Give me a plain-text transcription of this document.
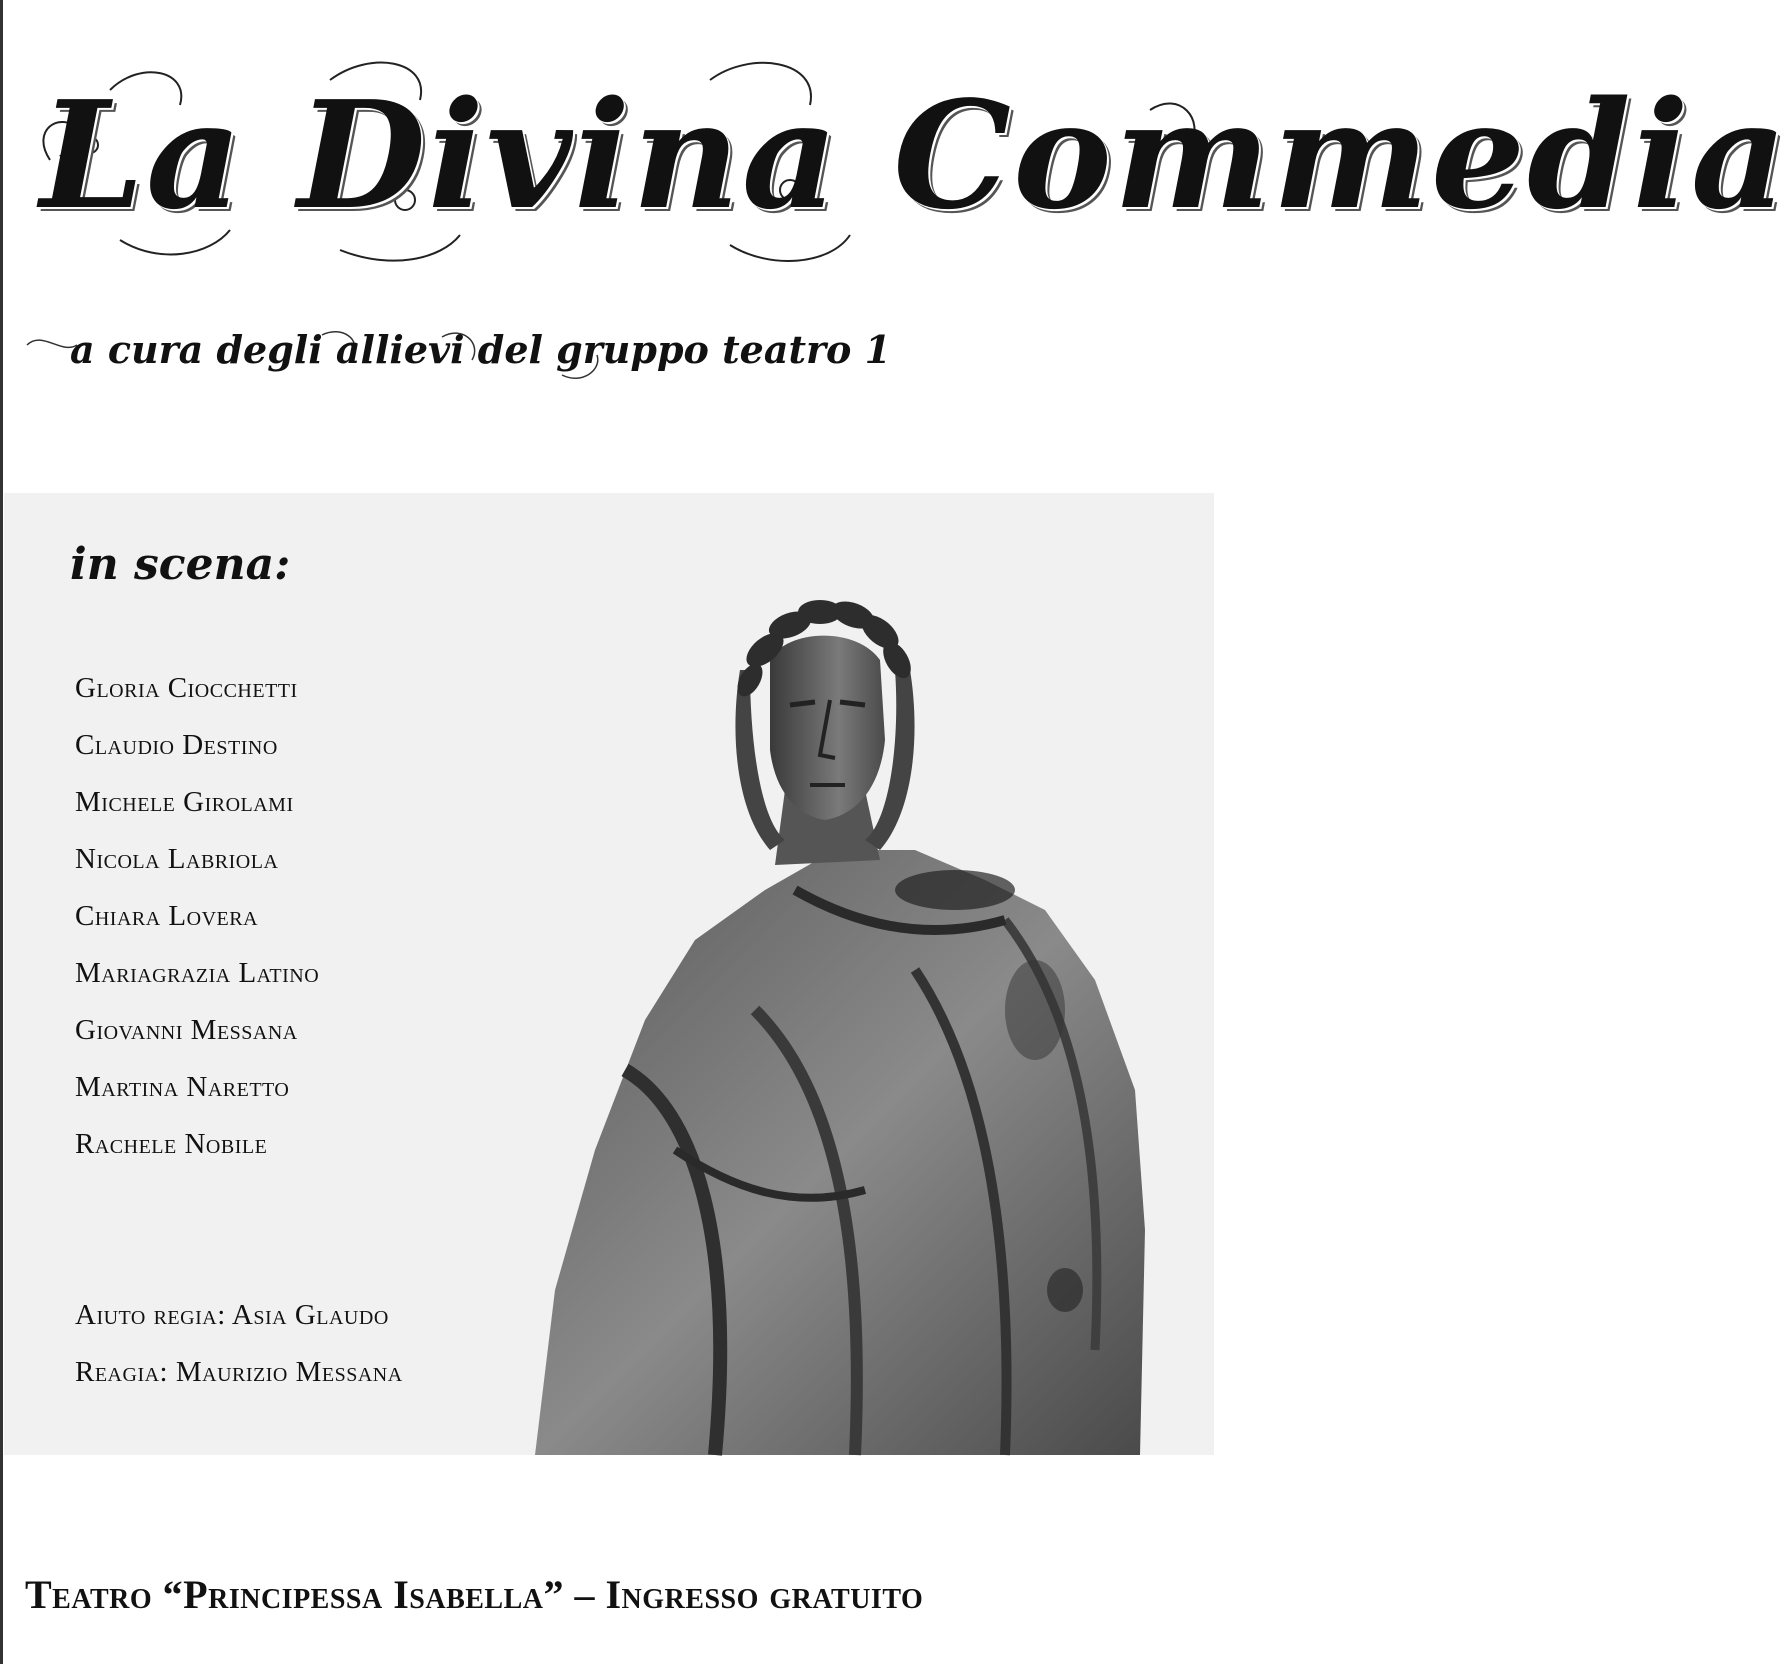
La Divina Commedia
a cura degli allievi del gruppo teatro 1
in scena:
Gloria Ciocchetti
Claudio Destino
Michele Girolami
Nicola Labriola
Chiara Lovera
Mariagrazia Latino
Giovanni Messana
Martina Naretto
Rachele Nobile
Aiuto regia: Asia Glaudo
Reagia: Maurizio Messana
Teatro “Principessa Isabella” – Ingresso gratuito
